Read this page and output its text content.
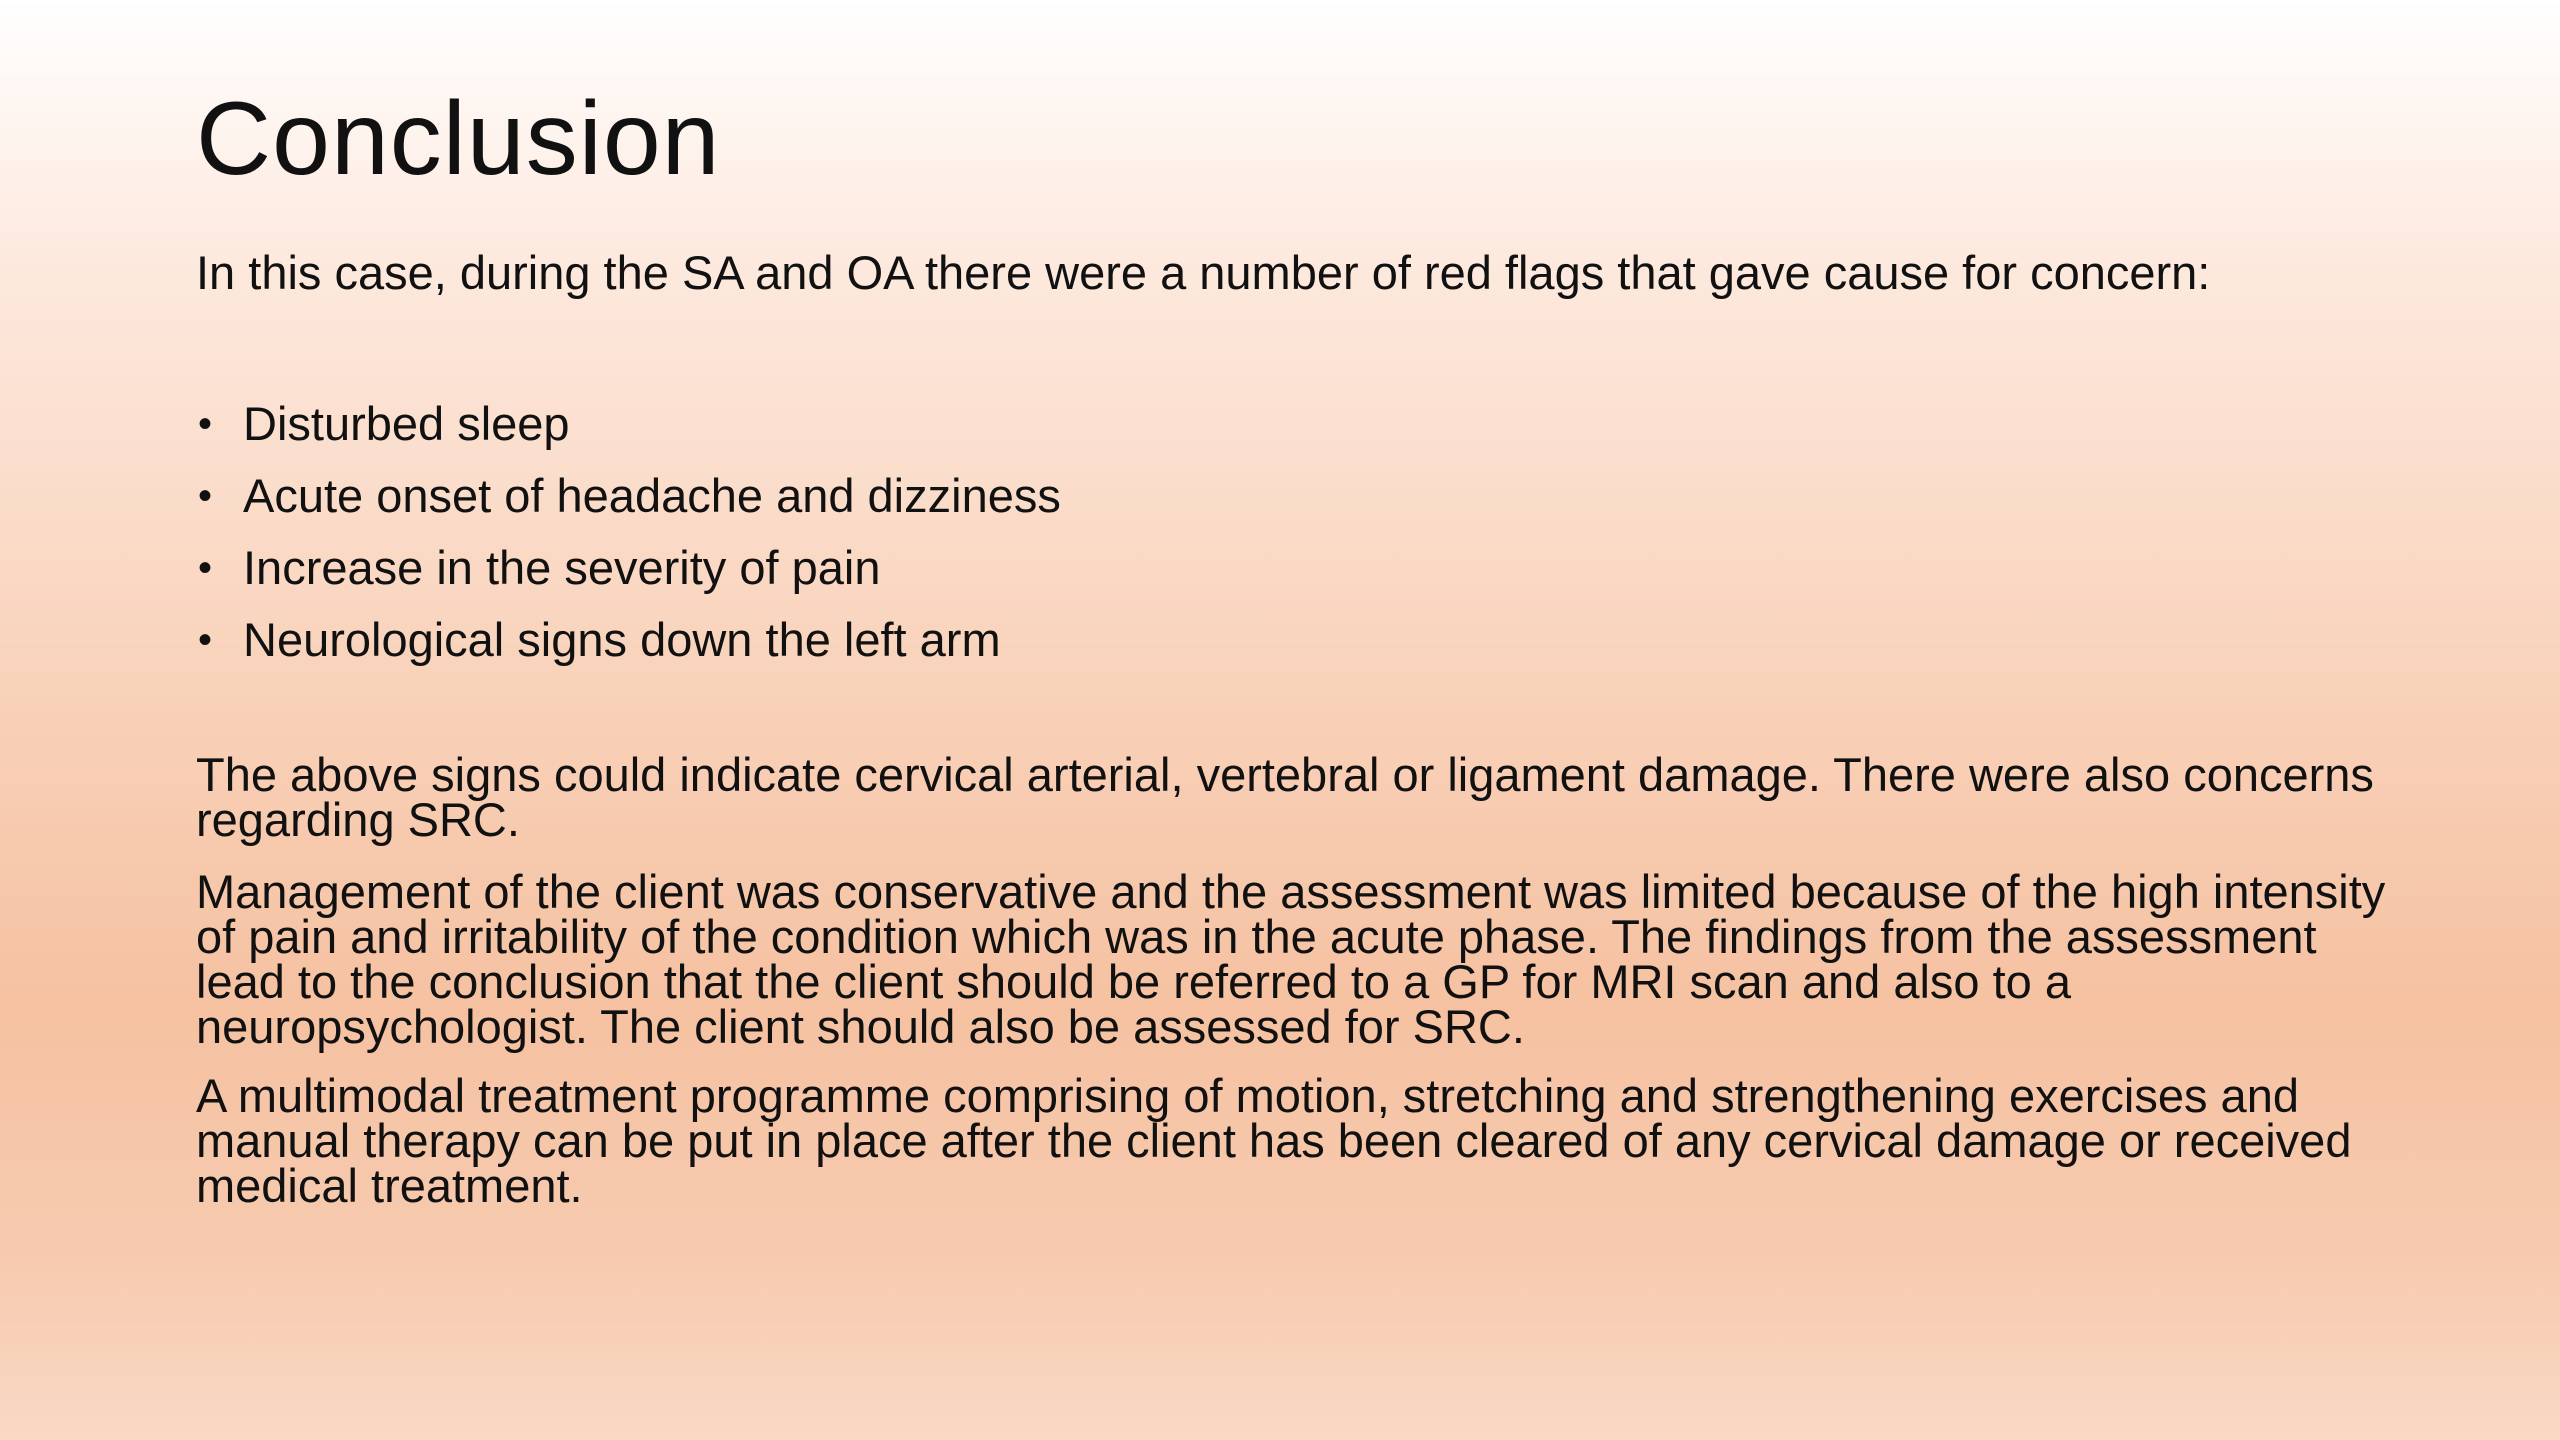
Conclusion

In this case, during the SA and OA there were a number of red flags that gave cause for concern:

• Disturbed sleep
• Acute onset of headache and dizziness
• Increase in the severity of pain
• Neurological signs down the left arm

The above signs could indicate cervical arterial, vertebral or ligament damage. There were also concerns regarding SRC.

Management of the client was conservative and the assessment was limited because of the high intensity of pain and irritability of the condition which was in the acute phase. The findings from the assessment lead to the conclusion that the client should be referred to a GP for MRI scan and also to a neuropsychologist. The client should also be assessed for SRC.

A multimodal treatment programme comprising of motion, stretching and strengthening exercises and manual therapy can be put in place after the client has been cleared of any cervical damage or received medical treatment.
